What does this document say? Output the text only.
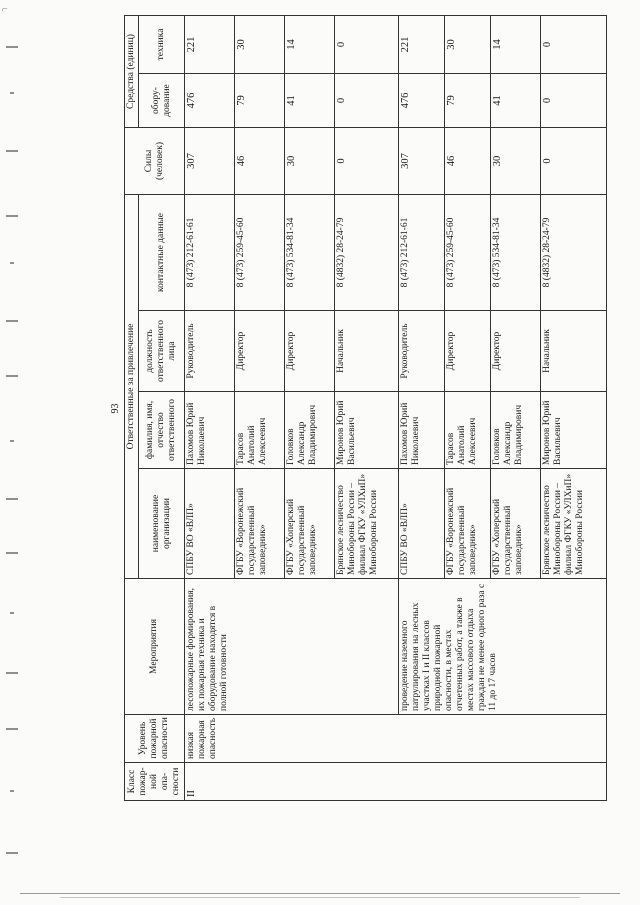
⌐
93
Класс пожар-ной опа-сности	Уровень пожарной опасности	Мероприятия	Ответственные за привлечение				Силы (человек)	Средства (единиц)	
			наименование организации	фамилия, имя, отчество ответственного	должность ответственного лица	контактные данные		обору-дование	техника
II	низкая пожарная опасность	лесопожарные формирования, их пожарная техника и оборудование находятся в полной готовности	СПБУ ВО «ВЛП»	Пахомов Юрий Николаевич	Руководитель	8 (473) 212-61-61	307	476	221
			ФГБУ «Воронежский государственный заповедник»	Тарасов Анатолий Алексеевич	Директор	8 (473) 259-45-60	46	79	30
			ФГБУ «Хоперский государственный заповедник»	Головков Александр Владимирович	Директор	8 (473) 534-81-34	30	41	14
			Брянское лесничество Минобороны России – филиал ФГКУ «УЛХиП» Минобороны России	Миронов Юрий Васильевич	Начальник	8 (4832) 28-24-79	0	0	0
		проведение наземного патрулирования на лесных участках I и II классов природной пожарной опасности, в местах отчетенных работ, а также в местах массового отдыха граждан не менее одного раза с 11 до 17 часов	СПБУ ВО «ВЛП»	Пахомов Юрий Николаевич	Руководитель	8 (473) 212-61-61	307	476	221
			ФГБУ «Воронежский государственный заповедник»	Тарасов Анатолий Алексеевич	Директор	8 (473) 259-45-60	46	79	30
			ФГБУ «Хоперский государственный заповедник»	Головков Александр Владимирович	Директор	8 (473) 534-81-34	30	41	14
			Брянское лесничество Минобороны России – филиал ФГКУ «УЛХиП» Минобороны России	Миронов Юрий Васильевич	Начальник	8 (4832) 28-24-79	0	0	0
